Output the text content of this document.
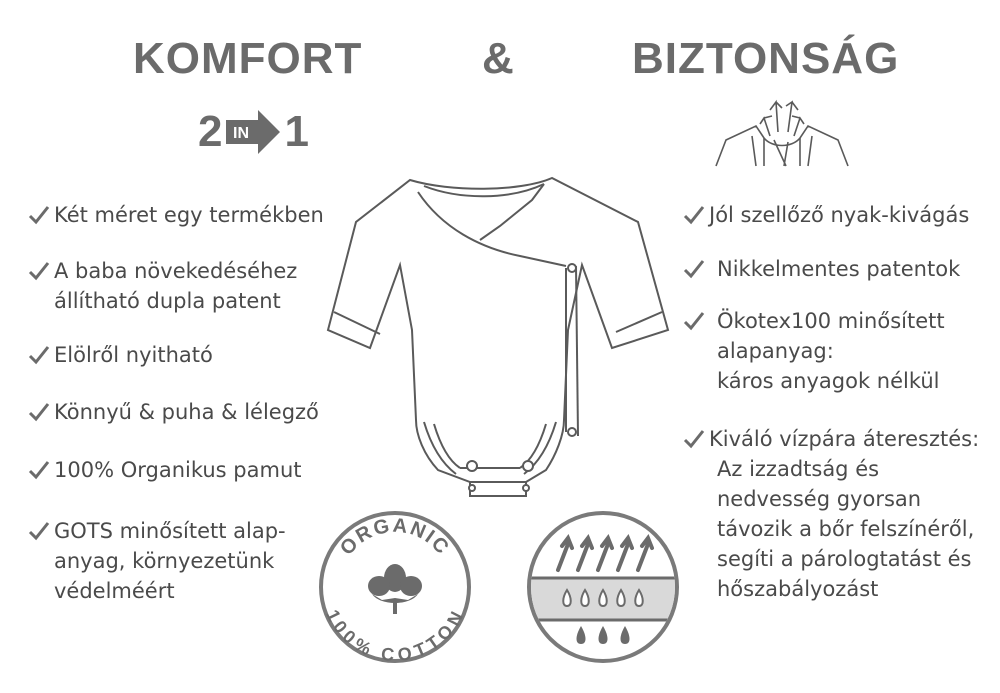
KOMFORT	&	BIZTONSÁG
2 IN 1
Két méret egy termékben
A baba növekedéséhez
állítható dupla patent
Elölről nyitható
Könnyű & puha & lélegző
100% Organikus pamut
GOTS minősített alap-
anyag, környezetünk
védelméért
Jól szellőző nyak-kivágás
Nikkelmentes patentok
Ökotex100 minősített
alapanyag:
káros anyagok nélkül
Kiváló vízpára áteresztés:
Az izzadtság és
nedvesség gyorsan
távozik a bőr felszínéről,
segíti a párologtatást és
hőszabályozást
ORGANIC
100% COTTON
